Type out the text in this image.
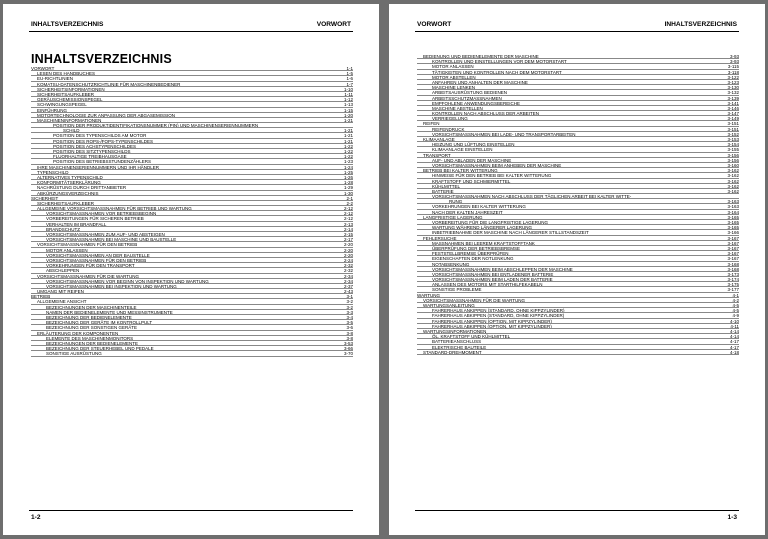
INHALTSVERZEICHNIS	VORWORT
INHALTSVERZEICHNIS
VORWORT	1-1
LESEN DES HANDBUCHES	1-5
EU-RICHTLINIEN	1-6
KOMATSU-DATENSCHUTZRICHTLINIE FÜR MASCHINENBEDIENER	1-7
SICHERHEITSINFORMATIONEN	1-10
SICHERHEITSAUFKLEBER	1-11
GERÄUSCHEMISSIONSPEGEL	1-12
SCHWINGUNGSPEGEL	1-13
EINFÜHRUNG	1-15
MOTORTECHNOLOGIE ZUR ANPASSUNG DER ABGASEMISSION	1-20
MASCHINENINFORMATIONEN	1-21
POSITION DER PRODUKTIDENTIFIKATIONSNUMMER (PIN) UND MASCHINENSERIENNUMMERN
SCHILD	1-21
POSITION DES TYPENSCHILDS AM MOTOR	1-21
POSITION DES ROPS-/FOPS-TYPENSCHILDES	1-21
POSITION DES ACHSTYPENSCHILDES	1-22
POSITION DES SITZTYPENSCHILDS	1-22
FLUORHALTIGE TREIBHAUSGASE	1-22
POSITION DES BETRIEBSSTUNDENZÄHLERS	1-23
IHRE MASCHINENSERIENNUMMERN UND IHR HÄNDLER	1-24
TYPENSCHILD	1-25
ALTERNATIVES TYPENSCHILD	1-26
KONFORMITÄTSERKLÄRUNG	1-28
NACHRÜSTUNG DURCH DRITTANBIETER	1-29
ABKÜRZUNGSVERZEICHNIS	1-30
SICHERHEIT	2-1
SICHERHEITSAUFKLEBER	2-2
ALLGEMEINE VORSICHTSMASSNAHMEN FÜR BETRIEB UND WARTUNG	2-12
VORSICHTSMASSNAHMEN VOR BETRIEBSBEGINN	2-12
VORBEREITUNGEN FÜR SICHEREN BETRIEB	2-12
VERHALTEN IM BRANDFALL	2-13
BRANDSCHUTZ	2-14
VORSICHTSMASSNAHMEN ZUM AUF- UND ABSTEIGEN	2-15
VORSICHTSMASSNAHMEN BEI MASCHINE UND BAUSTELLE	2-17
VORSICHTSMASSNAHMEN FÜR DEN BETRIEB	2-20
MOTOR ANLASSEN	2-20
VORSICHTSMASSNAHMEN AN DER BAUSTELLE	2-20
VORSICHTSMASSNAHMEN FÜR DEN BETRIEB	2-24
VORKEHRUNGEN FÜR DEN TRANSPORT	2-32
ABSCHLEPPEN	2-32
VORSICHTSMASSNAHMEN FÜR DIE WARTUNG	2-34
VORSICHTSMASSNAHMEN VOR BEGINN VON INSPEKTION UND WARTUNG	2-34
VORSICHTSMASSNAHMEN BEI INSPEKTION UND WARTUNG	2-37
UMGANG MIT REIFEN	2-43
BETRIEB	3-1
ALLGEMEINE ANSICHT	3-2
BEZEICHNUNGEN DER MASCHINENTEILE	3-2
NAMEN DER BEDIENELEMENTE UND MESSINSTRUMENTE	3-3
BEZEICHNUNG DER BEDIENELEMENTE	3-4
BEZEICHNUNG DER GERÄTE IM KONTROLLPULT	3-5
BEZEICHNUNG DER SONSTIGEN GERÄTE	3-6
ERLÄUTERUNG DER KOMPONENTEN	3-8
ELEMENTE DES MASCHINENMONITORS	3-8
BEZEICHNUNGEN DER BEDIENELEMENTE	3-53
BEZEICHNUNG DER STEUERHEBEL UND PEDALE	3-66
SONSTIGE AUSRÜSTUNG	3-70
1-2
VORWORT	INHALTSVERZEICHNIS
BEDIENUNG UND BEDIENELEMENTE DER MASCHINE	3-93
KONTROLLEN UND EINSTELLUNGEN VOR DEM MOTORSTART	3-93
MOTOR ANLASSEN	3-115
TÄTIGKEITEN UND KONTROLLEN NACH DEM MOTORSTART	3-118
MOTOR ABSTELLEN	3-122
ANFAHREN UND ANHALTEN DER MASCHINE	3-123
MASCHINE LENKEN	3-130
ARBEITSAUSRÜSTUNG BEDIENEN	3-132
ARBEITSSCHUTZMASSNAHMEN	3-139
EMPFOHLENE ANWENDUNGSBEREICHE	3-141
MASCHINE ABSTELLEN	3-146
KONTROLLEN NACH ABSCHLUSS DER ARBEITEN	3-147
VERRIEGELUNG	3-149
REIFEN	3-151
REIFENDRUCK	3-151
VORSICHTSMASSNAHMEN BEI LADE- UND TRANSPORTARBEITEN	3-152
KLIMAANLAGE	3-153
HEIZUNG UND LÜFTUNG EINSTELLEN	3-154
KLIMAANLAGE EINSTELLEN	3-155
TRANSPORT	3-156
AUF- UND ABLADEN DER MASCHINE	3-156
VORSICHTSMASSNAHMEN BEIM ANHEBEN DER MASCHINE	3-160
BETRIEB BEI KALTER WITTERUNG	3-162
HINWEISE FÜR DEN BETRIEB BEI KALTER WITTERUNG	3-162
KRAFTSTOFF UND SCHMIERMITTEL	3-162
KÜHLMITTEL	3-162
BATTERIE	3-162
VORSICHTSMASSNAHMEN NACH ABSCHLUSS DER TÄGLICHEN ARBEIT BEI KALTER WITTE-
RUNG	3-163
VORKEHRUNGEN BEI KALTER WITTERUNG	3-163
NACH DER KALTEN JAHRESZEIT	3-164
LANGFRISTIGE LAGERUNG	3-165
VORBEREITUNG FÜR DIE LANGFRISTIGE LAGERUNG	3-165
WARTUNG WÄHREND LÄNGERER LAGERUNG	3-165
INBETRIEBNAHME DER MASCHINE NACH LÄNGERER STILLSTANDSZEIT	3-166
FEHLERSUCHE	3-167
MASSNAHMEN BEI LEEREM KRAFTSTOFFTANK	3-167
ÜBERPRÜFUNG DER BETRIEBSBREMSE	3-167
FESTSTELLBREMSE ÜBERPRÜFEN	3-167
EIGENSCHAFTEN DER NOTLENKUNG	3-167
NOTABSENKUNG	3-168
VORSICHTSMASSNAHMEN BEIM ABSCHLEPPEN DER MASCHINE	3-168
VORSICHTSMASSNAHMEN BEI ENTLADENER BATTERIE	3-173
VORSICHTSMASSNAHMEN BEIM LADEN DER BATTERIE	3-174
ANLASSEN DES MOTORS MIT STARTHILFEKABELN	3-175
SONSTIGE PROBLEME	3-177
WARTUNG	4-1
VORSICHTSMASSNAHMEN FÜR DIE WARTUNG	4-2
WARTUNGSANLEITUNG	4-5
FAHRERHAUS ANKIPPEN (STANDARD, OHNE KIPPZYLINDER)	4-5
FAHRERHAUS ABKIPPEN (STANDARD, OHNE KIPPZYLINDER)	4-9
FAHRERHAUS ANKIPPEN (OPTION, MIT KIPPZYLINDER)	4-10
FAHRERHAUS ABKIPPEN (OPTION, MIT KIPPZYLINDER)	4-11
WARTUNGSINFORMATIONEN	4-14
ÖL, KRAFTSTOFF UND KÜHLMITTEL	4-14
BATTERIEANSCHLUSS	4-17
ELEKTRISCHE BAUTEILE	4-17
STANDARD-DREHMOMENT	4-18
1-3
